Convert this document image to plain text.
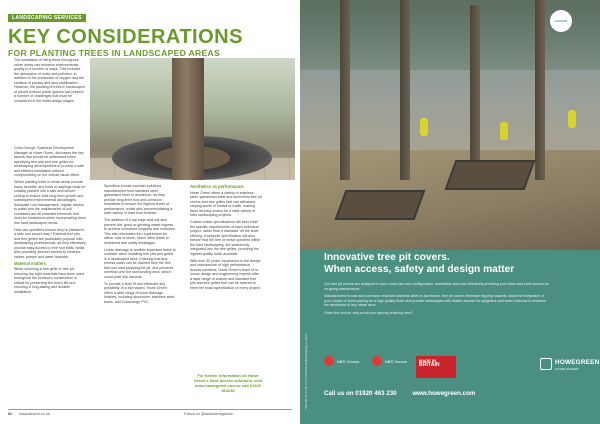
LANDSCAPING SERVICES
KEY CONSIDERATIONS
FOR PLANTING TREES IN LANDSCAPED AREAS

The installation of living trees throughout urban areas can enhance environmental quality in a number of ways. This includes the absorption of noise and pollution, in addition to the production of oxygen and the creation of privacy and land stabilisation. However, the planting of trees in landscaped or paved exterior public spaces can present a number of challenges that must be considered in the initial design stages.

Chris George, Business Development Manager at Howe Green, discusses the key factors that should be addressed when specifying tree pits and tree grilles for landscaping developments to provide a safe and efficient installation without compromising on the overall visual effect.

Whilst planting trees in urban areas provide many benefits, any trees or saplings must be suitably planted into a safe and secure setting to ensure their long term growth and subsequent environmental advantages. Adequate root management, regular access to water and the maintenance of soil conditions are all essential elements that must be considered when incorporating trees into hard landscaped areas.

How can specifiers ensure they're planted in a safe and secure way? External tree pits and tree grilles are particularly popular with landscaping professionals, as they effectively provide easy access to tree root balls, whilst also providing discreet access to electrics, valves, pumps and water features.

Material matters

When choosing a tree grille or tree pit, ensuring the right materials have been used throughout the product's construction is critical for preserving the tree's life and ensuring a long-lasting and durable installation.

Specifiers should consider solutions manufactured from stainless steel, galvanised steel or aluminium, as they provide long-term rust and corrosion resistance to ensure the highest levels of performance, whilst also accommodating a wide variety of hard floor finishes.

The addition of a top edge seal will also prevent dirt, grout or grinding waste ingress to achieve increased longevity and reduction. This also eliminates the requirement for slither cuts of stone, which often leads to restrained and costly breakages.

Linear drainage is another important factor to consider when installing tree pits and grilles in a landscaped area. Ensuring that any excess water can be drained from the tree ball root area stopping the pit, and prevents overflow onto the surrounding area, which could pose slip hazards.

To provide a flush fit and eliminate any possibility of a trip hazard, Howe Green offers a wide range of loose drainage finishes, including aluminium, stainless steel, brass, and Colourange PVC.

Aesthetics vs performance

Howe Green offers a variety of stainless steel, galvanised steel and aluminium tree pit covers and tree grilles that can withstand varying levels of footfall or traffic, making them an easy choice for a wide variety of hard landscaping projects.

Custom made specifications will best meet the specific requirements of each individual project, rather than a standard 'off the shelf' offering. A bespoke specification will also ensure that the tree of metal specified within the hard landscaping, are seamlessly integrated into the tree grilles, providing the highest quality finish available.

With over 30 years' experience in the design and manufacture of high performance access solutions, Howe Green's team of in-house design and engineering experts offer a wide range of custom and standard tree pits and tree grilles that can be tailored to meet the exact specification of every project.

For further information on Howe Green's floor access solutions, visit www.howegreen.com or call 01920 463230
82 www.landud.co.uk	Follow us @landudmagazine
ACCESS COVER
Tree Pits from HG Ltd at Thomas at Bermondsey, London
Innovative tree pit covers.
When access, safety and design matter

Our tree pit covers are designed to your exact size and configuration, accessible and cost-effectively providing your trees and shelf access for on-going maintenance.

Manufactured in cast and corrosion resistant stainless steel or aluminium, tree pit covers eliminate tripping hazards, allow the integration of your choice of stone paving for a high quality finish and provide landscapes with hidden access for uplighters and water features to enhance the aesthetics of any urban area.

Given the choice, why would you specify anything less?

NBS Chorus	NBS Source	MADE IN
BRITAIN	HOWEGREEN
FLOOR ACCESS
Call us on 01920 463 230	www.howegreen.com
